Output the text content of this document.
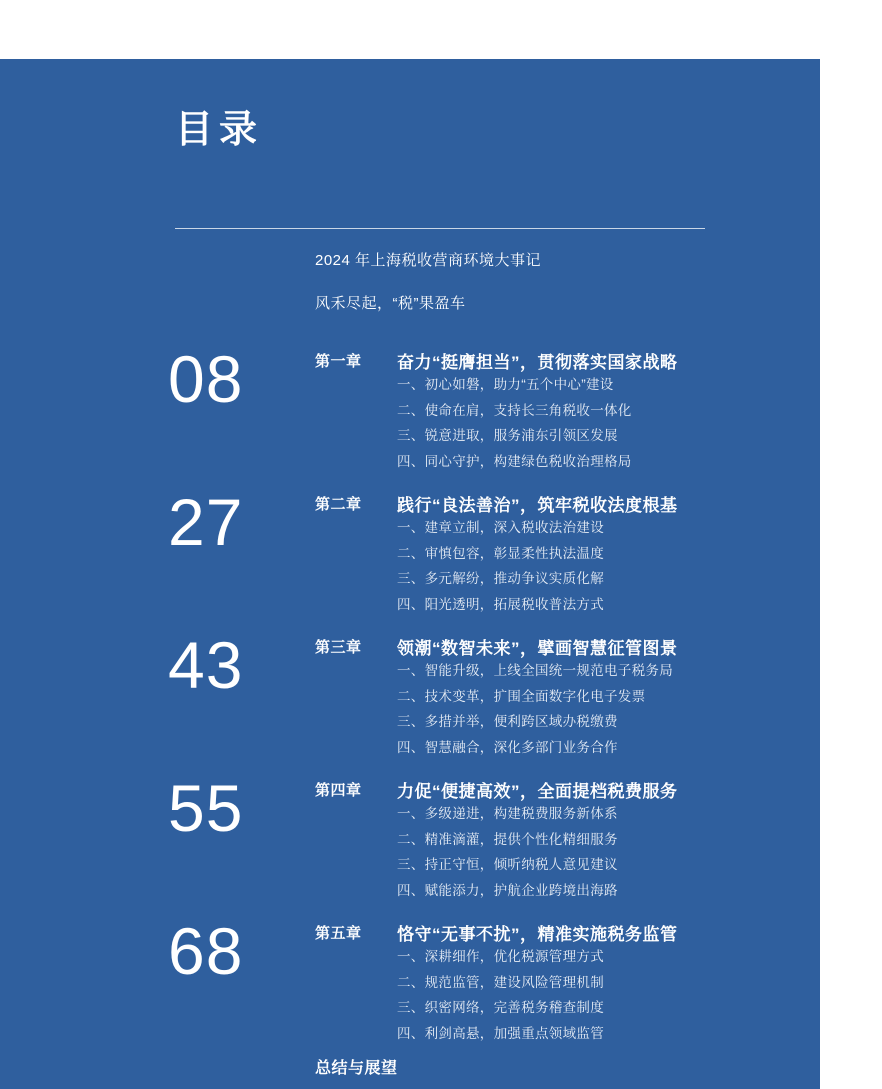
目录
2024 年上海税收营商环境大事记
风禾尽起，“税”果盈车
08	第一章 奋力“挺膺担当”，贯彻落实国家战略
一、初心如磐，助力“五个中心”建设
二、使命在肩，支持长三角税收一体化
三、锐意进取，服务浦东引领区发展
四、同心守护，构建绿色税收治理格局
27	第二章 践行“良法善治”，筑牢税收法度根基
一、建章立制，深入税收法治建设
二、审慎包容，彰显柔性执法温度
三、多元解纷，推动争议实质化解
四、阳光透明，拓展税收普法方式
43	第三章 领潮“数智未来”，擘画智慧征管图景
一、智能升级，上线全国统一规范电子税务局
二、技术变革，扩围全面数字化电子发票
三、多措并举，便利跨区域办税缴费
四、智慧融合，深化多部门业务合作
55	第四章 力促“便捷高效”，全面提档税费服务
一、多级递进，构建税费服务新体系
二、精准滴灌，提供个性化精细服务
三、持正守恒，倾听纳税人意见建议
四、赋能添力，护航企业跨境出海路
68	第五章 恪守“无事不扰”，精准实施税务监管
一、深耕细作，优化税源管理方式
二、规范监管，建设风险管理机制
三、织密网络，完善税务稽查制度
四、利剑高悬，加强重点领域监管
总结与展望
